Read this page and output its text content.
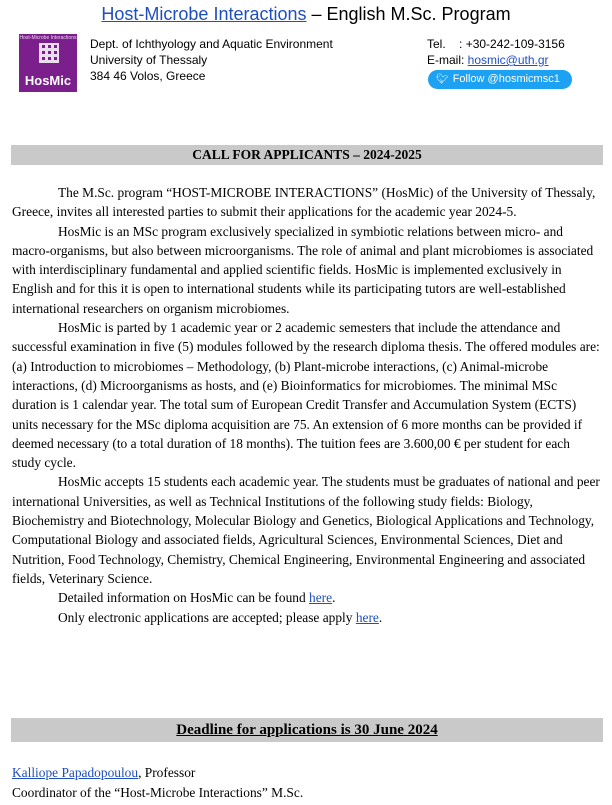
Host-Microbe Interactions – English M.Sc. Program
Host-Microbe Interactions
HosMic
Dept. of Ichthyology and Aquatic Environment
University of Thessaly
384 46 Volos, Greece
Tel.    : +30-242-109-3156
E-mail: hosmic@uth.gr
🐦︎ Follow @hosmicmsc1
CALL FOR APPLICANTS – 2024-2025

The M.Sc. program “HOST-MICROBE INTERACTIONS” (HosMic) of the University of Thessaly, Greece, invites all interested parties to submit their applications for the academic year 2024-5.

HosMic is an MSc program exclusively specialized in symbiotic relations between micro- and macro-organisms, but also between microorganisms. The role of animal and plant microbiomes is associated with interdisciplinary fundamental and applied scientific fields. HosMic is implemented exclusively in English and for this it is open to international students while its participating tutors are well-established international researchers on organism microbiomes.

HosMic is parted by 1 academic year or 2 academic semesters that include the attendance and successful examination in five (5) modules followed by the research diploma thesis. The offered modules are: (a) Introduction to microbiomes – Methodology, (b) Plant-microbe interactions, (c) Animal-microbe interactions, (d) Microorganisms as hosts, and (e) Bioinformatics for microbiomes. The minimal MSc duration is 1 calendar year. The total sum of European Credit Transfer and Accumulation System (ECTS) units necessary for the MSc diploma acquisition are 75. An extension of 6 more months can be provided if deemed necessary (to a total duration of 18 months). The tuition fees are 3.600,00 € per student for each study cycle.

HosMic accepts 15 students each academic year. The students must be graduates of national and peer international Universities, as well as Technical Institutions of the following study fields: Biology, Biochemistry and Biotechnology, Molecular Biology and Genetics, Biological Applications and Technology, Computational Biology and associated fields, Agricultural Sciences, Environmental Sciences, Diet and Nutrition, Food Technology, Chemistry, Chemical Engineering, Environmental Engineering and associated fields, Veterinary Science.

Detailed information on HosMic can be found here.

Only electronic applications are accepted; please apply here.

Deadline for applications is 30 June 2024
Kalliope Papadopoulou, Professor
Coordinator of the “Host-Microbe Interactions” M.Sc.
